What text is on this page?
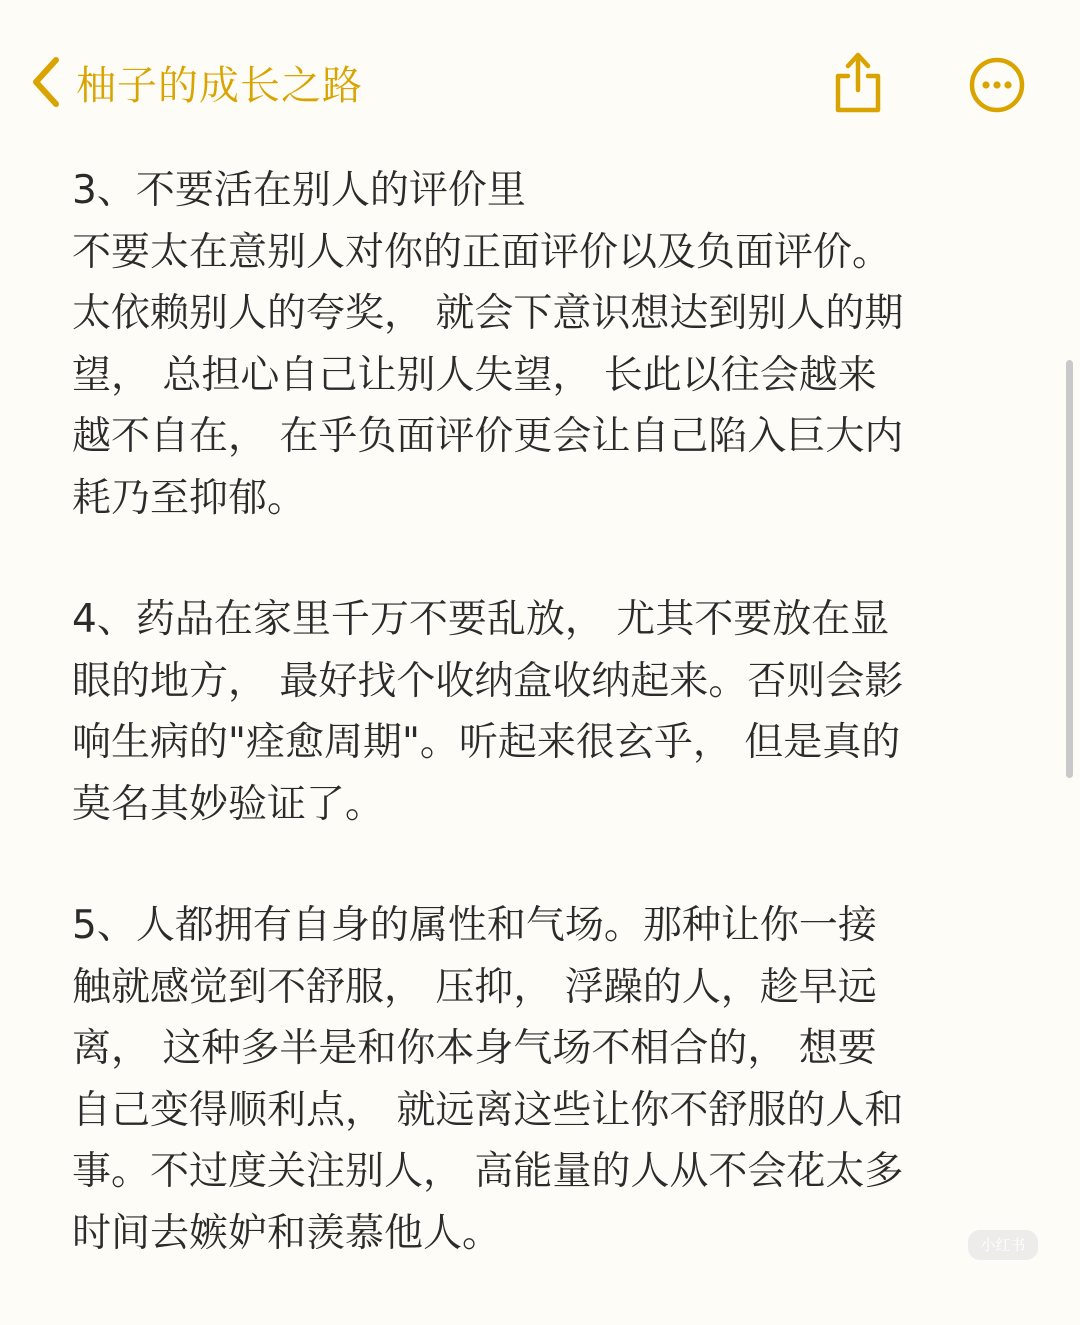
柚子的成长之路

3、不要活在别人的评价里
不要太在意别人对你的正面评价以及负面评价。
太依赖别人的夸奖， 就会下意识想达到别人的期
望， 总担心自己让别人失望， 长此以往会越来
越不自在， 在乎负面评价更会让自己陷入巨大内
耗乃至抑郁。

4、药品在家里千万不要乱放， 尤其不要放在显
眼的地方， 最好找个收纳盒收纳起来。否则会影
响生病的"痊愈周期"。听起来很玄乎， 但是真的
莫名其妙验证了。

5、人都拥有自身的属性和气场。那种让你一接
触就感觉到不舒服， 压抑， 浮躁的人，趁早远
离， 这种多半是和你本身气场不相合的， 想要
自己变得顺利点， 就远离这些让你不舒服的人和
事。不过度关注别人， 高能量的人从不会花太多
时间去嫉妒和羡慕他人。	小红书
